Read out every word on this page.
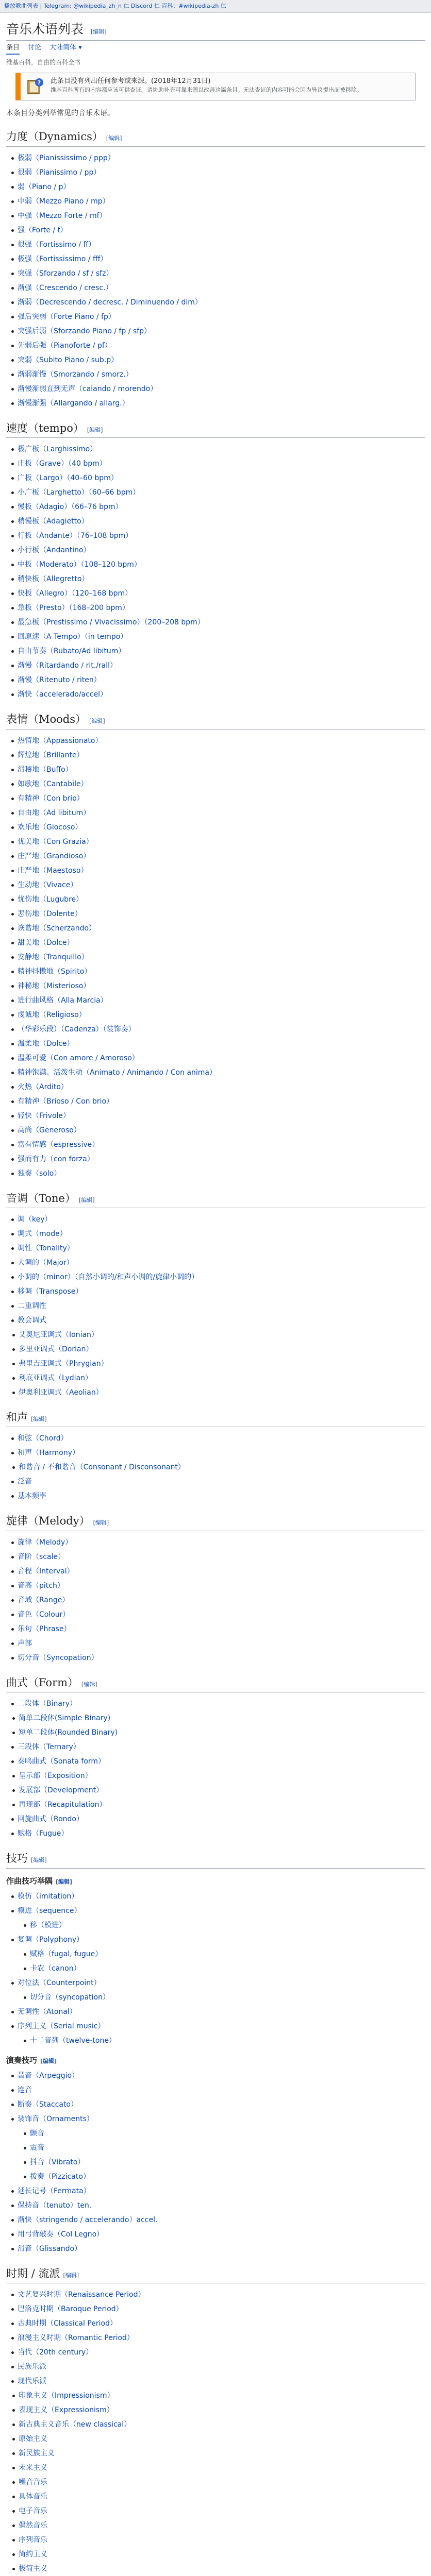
播放歌曲列表 | Telegram: @wikipedia_zh_n 仁 Discord 仁 百科：#wikipedia-zh 仁
音乐术语列表 [编辑]
条目 讨论 大陆简体 ▾
维基百科，自由的百科全书
? 此条目没有列出任何参考或来源。(2018年12月31日)
维基百科所有的内容都应该可供查证。请协助补充可靠来源以改善这篇条目。无法查证的内容可能会因为异议提出而被移除。
本条目分类列举常见的音乐术语。
力度（Dynamics） [编辑]
极弱（Pianississimo / ppp）
很弱（Pianissimo / pp）
弱（Piano / p）
中弱（Mezzo Piano / mp）
中强（Mezzo Forte / mf）
强（Forte / f）
很强（Fortissimo / ff）
极强（Fortississimo / fff）
突强（Sforzando / sf / sfz）
渐强（Crescendo / cresc.）
渐弱（Decrescendo / decresc. / Diminuendo / dim）
强后突弱（Forte Piano / fp）
突强后弱（Sforzando Piano / fp / sfp）
先弱后强（Pianoforte / pf）
突弱（Subito Piano / sub.p）
渐弱渐慢（Smorzando / smorz.）
渐慢渐弱直到无声（calando / morendo）
渐慢渐强（Allargando / allarg.）
速度（tempo） [编辑]
极广板（Larghissimo）
庄板（Grave）（40 bpm）
广板（Largo）（40–60 bpm）
小广板（Larghetto）（60–66 bpm）
慢板（Adagio）（66–76 bpm）
稍慢板（Adagietto）
行板（Andante）（76–108 bpm）
小行板（Andantino）
中板（Moderato）（108–120 bpm）
稍快板（Allegretto）
快板（Allegro）（120–168 bpm）
急板（Presto）（168–200 bpm）
最急板（Prestissimo / Vivacissimo）（200–208 bpm）
回原速（A Tempo）（in tempo）
自由节奏（Rubato/Ad libitum）
渐慢（Ritardando / rit./rall）
渐慢（Ritenuto / riten）
渐快（accelerado/accel）
表情（Moods） [编辑]
热情地（Appassionato）
辉煌地（Brillante）
滑稽地（Buffo）
如歌地（Cantabile）
有精神（Con brio）
自由地（Ad libitum）
欢乐地（Giocoso）
优美地（Con Grazia）
庄严地（Grandioso）
庄严地（Maestoso）
生动地（Vivace）
忧伤地（Lugubre）
悲伤地（Dolente）
诙谐地（Scherzando）
甜美地（Dolce）
安静地（Tranquillo）
精神抖擞地（Spirito）
神秘地（Misterioso）
进行曲风格（Alla Marcia）
虔诚地（Religioso）
（华彩乐段）（Cadenza）（装饰奏）
温柔地（Dolce）
温柔可爱（Con amore / Amoroso）
精神饱满、活泼生动（Animato / Animando / Con anima）
火热（Ardito）
有精神（Brioso / Con brio）
轻快（Frivole）
高尚（Generoso）
富有情感（espressive）
强而有力（con forza）
独奏（solo）
音调（Tone） [编辑]
调（key）
调式（mode）
调性（Tonality）
大调的（Major）
小调的（minor）（自然小调的/和声小调的/旋律小调的）
移调（Transpose）
二重调性
教会调式
艾奥尼亚调式（Ionian）
多里亚调式（Dorian）
弗里吉亚调式（Phrygian）
利底亚调式（Lydian）
伊奥利亚调式（Aeolian）
和声 [编辑]
和弦（Chord）
和声（Harmony）
和谐音 / 不和谐音（Consonant / Disconsonant）
泛音
基本频率
旋律（Melody） [编辑]
旋律（Melody）
音阶（scale）
音程（Interval）
音高（pitch）
音域（Range）
音色（Colour）
乐句（Phrase）
声部
切分音（Syncopation）
曲式（Form） [编辑]
二段体（Binary）
简单二段体(Simple Binary)
短单二段体(Rounded Binary)
三段体（Ternary）
奏鸣曲式（Sonata form）
呈示部（Exposition）
发展部（Development）
再现部（Recapitulation）
回旋曲式（Rondo）
赋格（Fugue）
技巧 [编辑]
作曲技巧举隅 [编辑]
模仿（imitation）
模进（sequence）
移（模进）
复调（Polyphony）
赋格（fugal, fugue）
卡农（canon）
对位法（Counterpoint）
切分音（syncopation）
无调性（Atonal）
序列主义（Serial music）
十二音列（twelve-tone）
演奏技巧 [编辑]
琶音（Arpeggio）
连音
断奏（Staccato）
装饰音（Ornaments）
颤音
震音
抖音（Vibrato）
拨奏（Pizzicato）
延长记号（Fermata）
保持音（tenuto）ten.
渐快（stringendo / accelerando）accel.
用弓背敲奏（Col Legno）
滑音（Glissando）
时期 / 流派 [编辑]
文艺复兴时期（Renaissance Period）
巴洛克时期（Baroque Period）
古典时期（Classical Period）
浪漫主义时期（Romantic Period）
当代（20th century）
民族乐派
现代乐派
印象主义（Impressionism）
表现主义（Expressionism）
新古典主义音乐（new classical）
原始主义
新民族主义
未来主义
噪音音乐
具体音乐
电子音乐
偶然音乐
序列音乐
简约主义
极简主义
